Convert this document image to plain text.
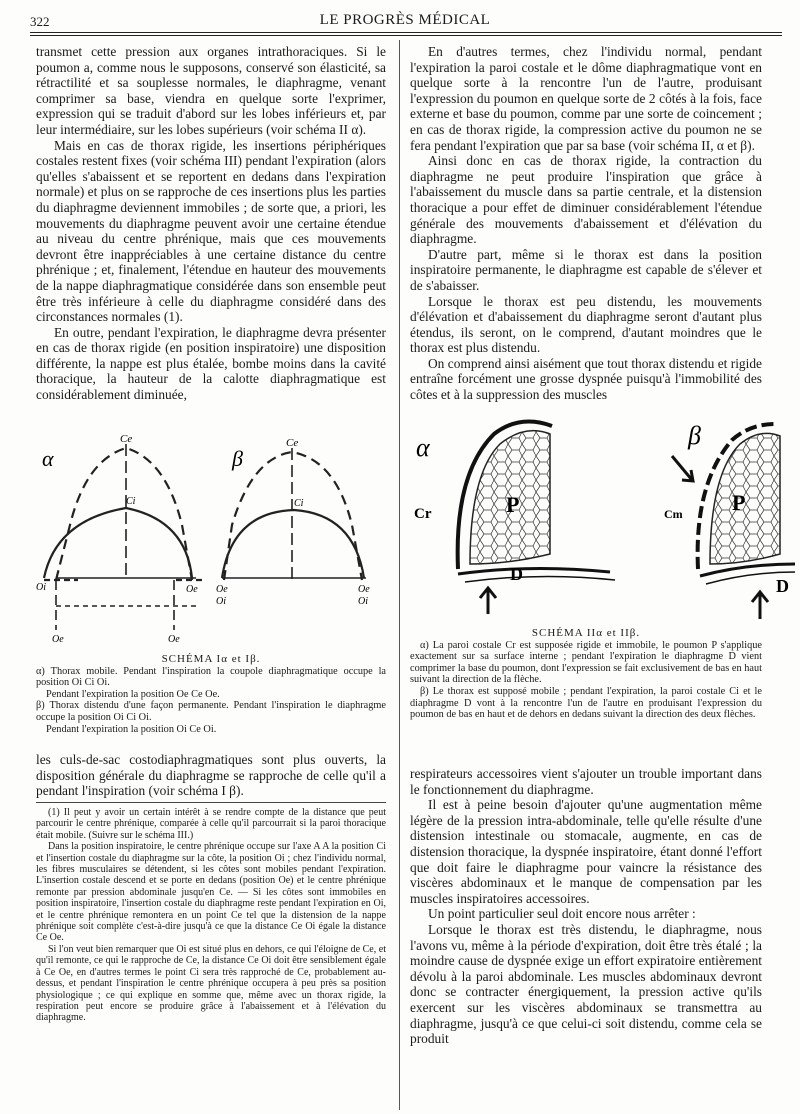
322	LE PROGRÈS MÉDICAL

transmet cette pression aux organes intrathoraciques. Si le poumon a, comme nous le supposons, conservé son élasticité, sa rétractilité et sa souplesse normales, le diaphragme, venant comprimer sa base, viendra en quelque sorte l'exprimer, expression qui se traduit d'abord sur les lobes inférieurs et, par leur intermédiaire, sur les lobes supérieurs (voir schéma II α).

Mais en cas de thorax rigide, les insertions périphériques costales restent fixes (voir schéma III) pendant l'expiration (alors qu'elles s'abaissent et se reportent en dedans dans l'expiration normale) et plus on se rapproche de ces insertions plus les parties du diaphragme deviennent immobiles ; de sorte que, a priori, les mouvements du diaphragme peuvent avoir une certaine étendue au niveau du centre phrénique, mais que ces mouvements devront être inappréciables à une certaine distance du centre phrénique ; et, finalement, l'étendue en hauteur des mouvements de la nappe diaphragmatique considérée dans son ensemble peut être très inférieure à celle du diaphragme considéré dans des circonstances normales (1).

En outre, pendant l'expiration, le diaphragme devra présenter en cas de thorax rigide (en position inspiratoire) une disposition différente, la nappe est plus étalée, bombe moins dans la cavité thoracique, la hauteur de la calotte diaphragmatique est considérablement diminuée,

α	β
Ce	Ce
Ci	Ci
Oi	Oe Oe
Oi
Oe
Oi
Oe	Oe
SCHÉMA Iα et Iβ.

α) Thorax mobile. Pendant l'inspiration la coupole diaphragmatique occupe la position Oi Ci Oi.

Pendant l'expiration la position Oe Ce Oe.

β) Thorax distendu d'une façon permanente. Pendant l'inspiration le diaphragme occupe la position Oi Ci Oi.

Pendant l'expiration la position Oi Ce Oi.

les culs-de-sac costodiaphragmatiques sont plus ouverts, la disposition générale du diaphragme se rapproche de celle qu'il a pendant l'inspiration (voir schéma I β).

(1) Il peut y avoir un certain intérêt à se rendre compte de la distance que peut parcourir le centre phrénique, comparée à celle qu'il parcourrait si la paroi thoracique était mobile. (Suivre sur le schéma III.)

Dans la position inspiratoire, le centre phrénique occupe sur l'axe A A la position Ci et l'insertion costale du diaphragme sur la côte, la position Oi ; chez l'individu normal, les fibres musculaires se détendent, si les côtes sont mobiles pendant l'expiration. L'insertion costale descend et se porte en dedans (position Oe) et le centre phrénique remonte par pression abdominale jusqu'en Ce. — Si les côtes sont immobiles en position inspiratoire, l'insertion costale du diaphragme reste pendant l'expiration en Oi, et le centre phrénique remontera en un point Ce tel que la distension de la nappe phrénique soit complète c'est-à-dire jusqu'à ce que la distance Ce Oi égale la distance Ce Oe.

Si l'on veut bien remarquer que Oi est situé plus en dehors, ce qui l'éloigne de Ce, et qu'il remonte, ce qui le rapproche de Ce, la distance Ce Oi doit être sensiblement égale à Ce Oe, en d'autres termes le point Ci sera très rapproché de Ce, probablement au-dessus, et pendant l'inspiration le centre phrénique occupera à peu près sa position physiologique ; ce qui explique en somme que, même avec un thorax rigide, la respiration peut encore se produire grâce à l'abaissement et à l'élévation du diaphragme.

En d'autres termes, chez l'individu normal, pendant l'expiration la paroi costale et le dôme diaphragmatique vont en quelque sorte à la rencontre l'un de l'autre, produisant l'expression du poumon en quelque sorte de 2 côtés à la fois, face externe et base du poumon, comme par une sorte de coincement ; en cas de thorax rigide, la compression active du poumon ne se fera pendant l'expiration que par sa base (voir schéma II, α et β).

Ainsi donc en cas de thorax rigide, la contraction du diaphragme ne peut produire l'inspiration que grâce à l'abaissement du muscle dans sa partie centrale, et la distension thoracique a pour effet de diminuer considérablement l'étendue générale des mouvements d'abaissement et d'élévation du diaphragme.

D'autre part, même si le thorax est dans la position inspiratoire permanente, le diaphragme est capable de s'élever et de s'abaisser.

Lorsque le thorax est peu distendu, les mouvements d'élévation et d'abaissement du diaphragme seront d'autant plus étendus, ils seront, on le comprend, d'autant moindres que le thorax est plus distendu.

On comprend ainsi aisément que tout thorax distendu et rigide entraîne forcément une grosse dyspnée puisqu'à l'immobilité des côtes et à la suppression des muscles

α	β
Cr	Cm
P	P
D
D
SCHÉMA IIα et IIβ.

α) La paroi costale Cr est supposée rigide et immobile, le poumon P s'applique exactement sur sa surface interne ; pendant l'expiration le diaphragme D vient comprimer la base du poumon, dont l'expression se fait exclusivement de bas en haut suivant la direction de la flèche.

β) Le thorax est supposé mobile ; pendant l'expiration, la paroi costale Ci et le diaphragme D vont à la rencontre l'un de l'autre en produisant l'expression du poumon de bas en haut et de dehors en dedans suivant la direction des deux flèches.

respirateurs accessoires vient s'ajouter un trouble important dans le fonctionnement du diaphragme.

Il est à peine besoin d'ajouter qu'une augmentation même légère de la pression intra-abdominale, telle qu'elle résulte d'une distension intestinale ou stomacale, augmente, en cas de distension thoracique, la dyspnée inspiratoire, étant donné l'effort que doit faire le diaphragme pour vaincre la résistance des viscères abdominaux et le manque de compensation par les muscles inspiratoires accessoires.

Un point particulier seul doit encore nous arrêter :

Lorsque le thorax est très distendu, le diaphragme, nous l'avons vu, même à la période d'expiration, doit être très étalé ; la moindre cause de dyspnée exige un effort expiratoire entièrement dévolu à la paroi abdominale. Les muscles abdominaux devront donc se contracter énergiquement, la pression active qu'ils exercent sur les viscères abdominaux se transmettra au diaphragme, jusqu'à ce que celui-ci soit distendu, comme cela se produit
